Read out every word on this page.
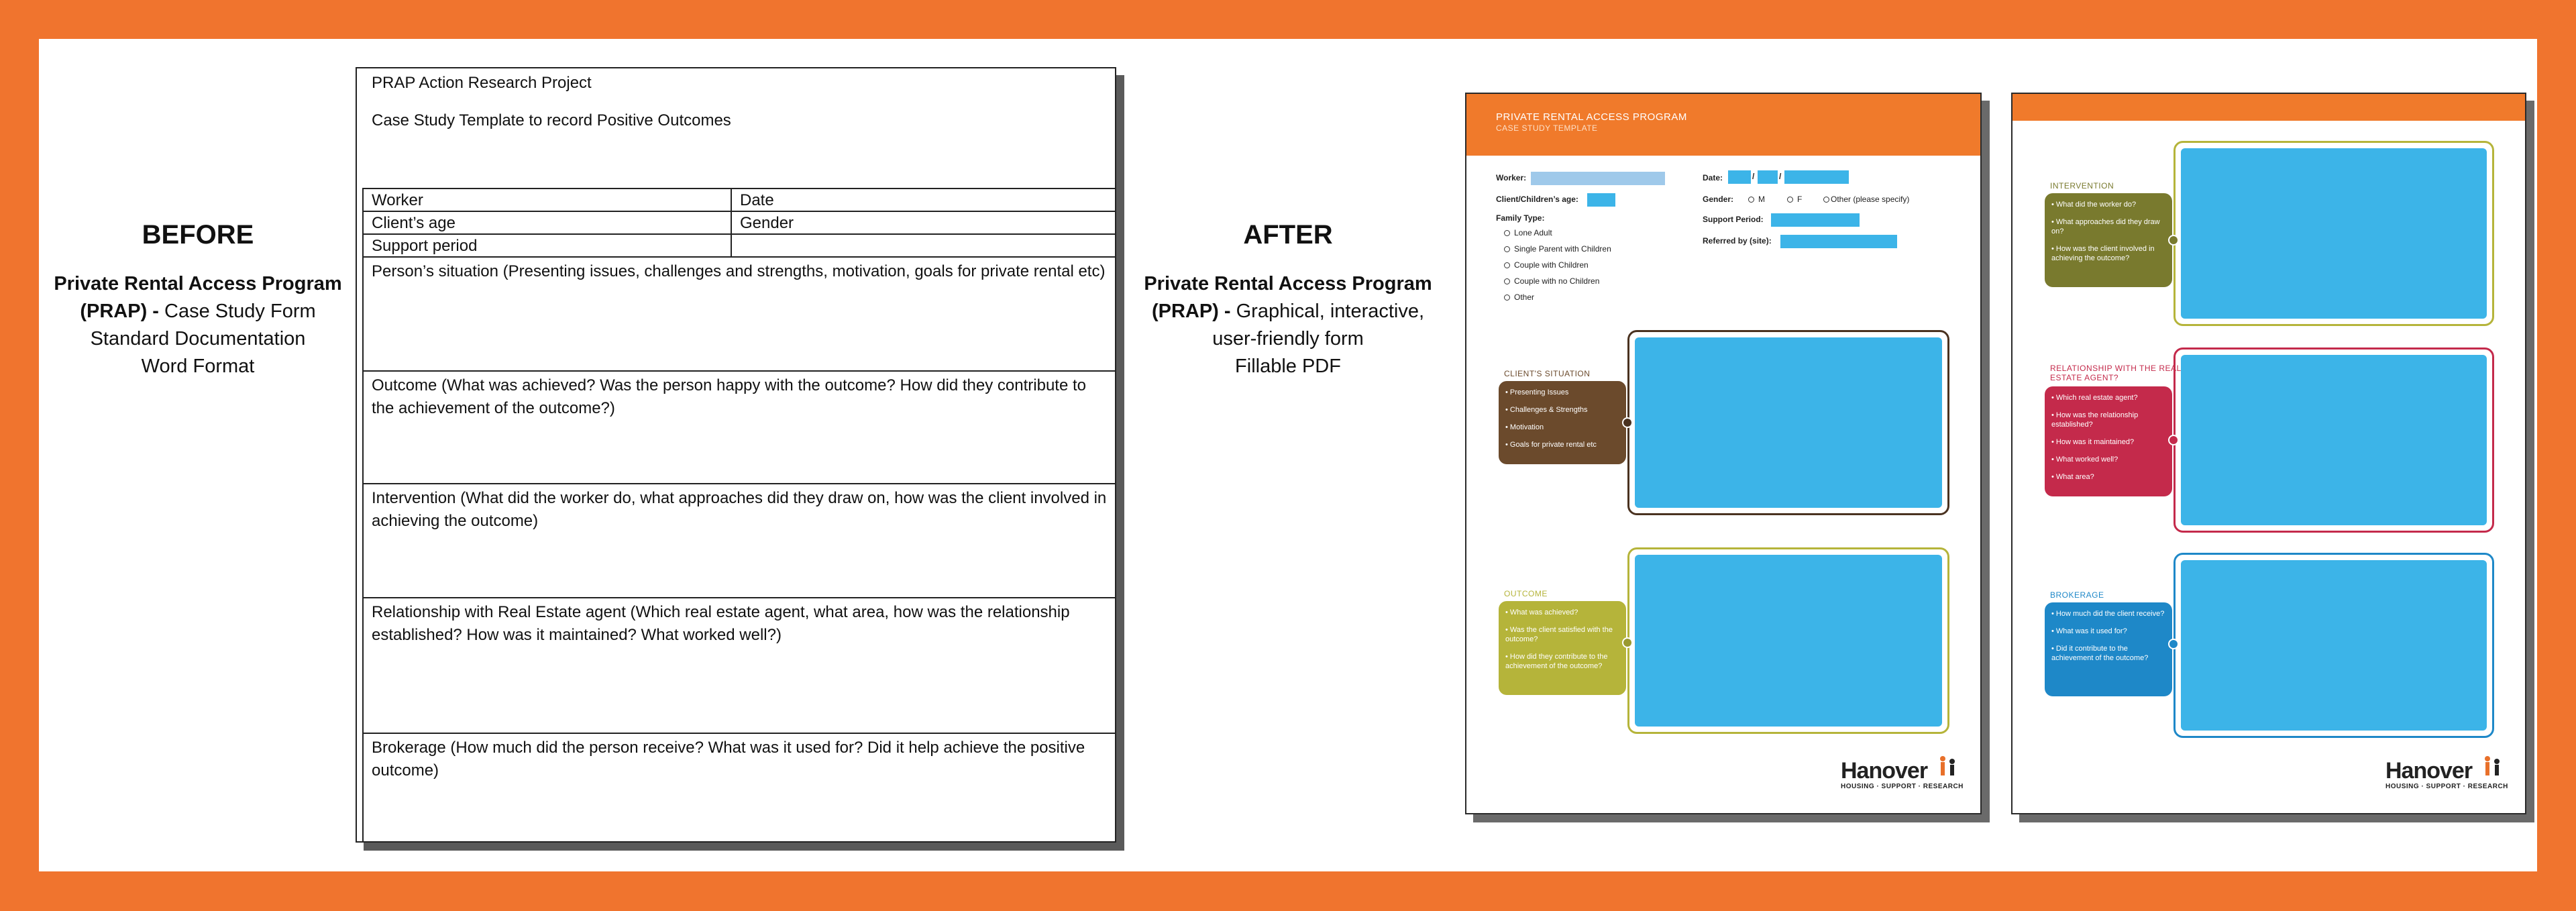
BEFORE
Private Rental Access Program
(PRAP) - Case Study Form
Standard Documentation
Word Format
PRAP Action Research Project
Case Study Template to record Positive Outcomes
Worker	Date
Client’s age	Gender
Support period
Person’s situation (Presenting issues, challenges and strengths, motivation, goals for private rental etc)
Outcome (What was achieved? Was the person happy with the outcome? How did they contribute to the achievement of the outcome?)
Intervention (What did the worker do, what approaches did they draw on, how was the client involved in achieving the outcome)
Relationship with Real Estate agent (Which real estate agent, what area, how was the relationship established? How was it maintained? What worked well?)
Brokerage (How much did the person receive? What was it used for? Did it help achieve the positive outcome)
AFTER
Private Rental Access Program
(PRAP) - Graphical, interactive,
user-friendly form
Fillable PDF
PRIVATE RENTAL ACCESS PROGRAM
CASE STUDY TEMPLATE
Worker:
Client/Children’s age:
Family Type:
Lone Adult
Single Parent with Children
Couple with Children
Couple with no Children
Other
Date:	/	/
Gender:	M	F	Other (please specify)
Support Period:
Referred by (site):
CLIENT'S SITUATION
• Presenting Issues
• Challenges & Strengths
• Motivation
• Goals for private rental etc
OUTCOME
• What was achieved?
• Was the client satisfied with the outcome?
• How did they contribute to the achievement of the outcome?
Hanover
HOUSING · SUPPORT · RESEARCH
INTERVENTION
• What did the worker do?
• What approaches did they draw on?
• How was the client involved in achieving the outcome?
RELATIONSHIP WITH THE REAL ESTATE AGENT?
• Which real estate agent?
• How was the relationship established?
• How was it maintained?
• What worked well?
• What area?
BROKERAGE
• How much did the client receive?
• What was it used for?
• Did it contribute to the achievement of the outcome?
Hanover
HOUSING · SUPPORT · RESEARCH
